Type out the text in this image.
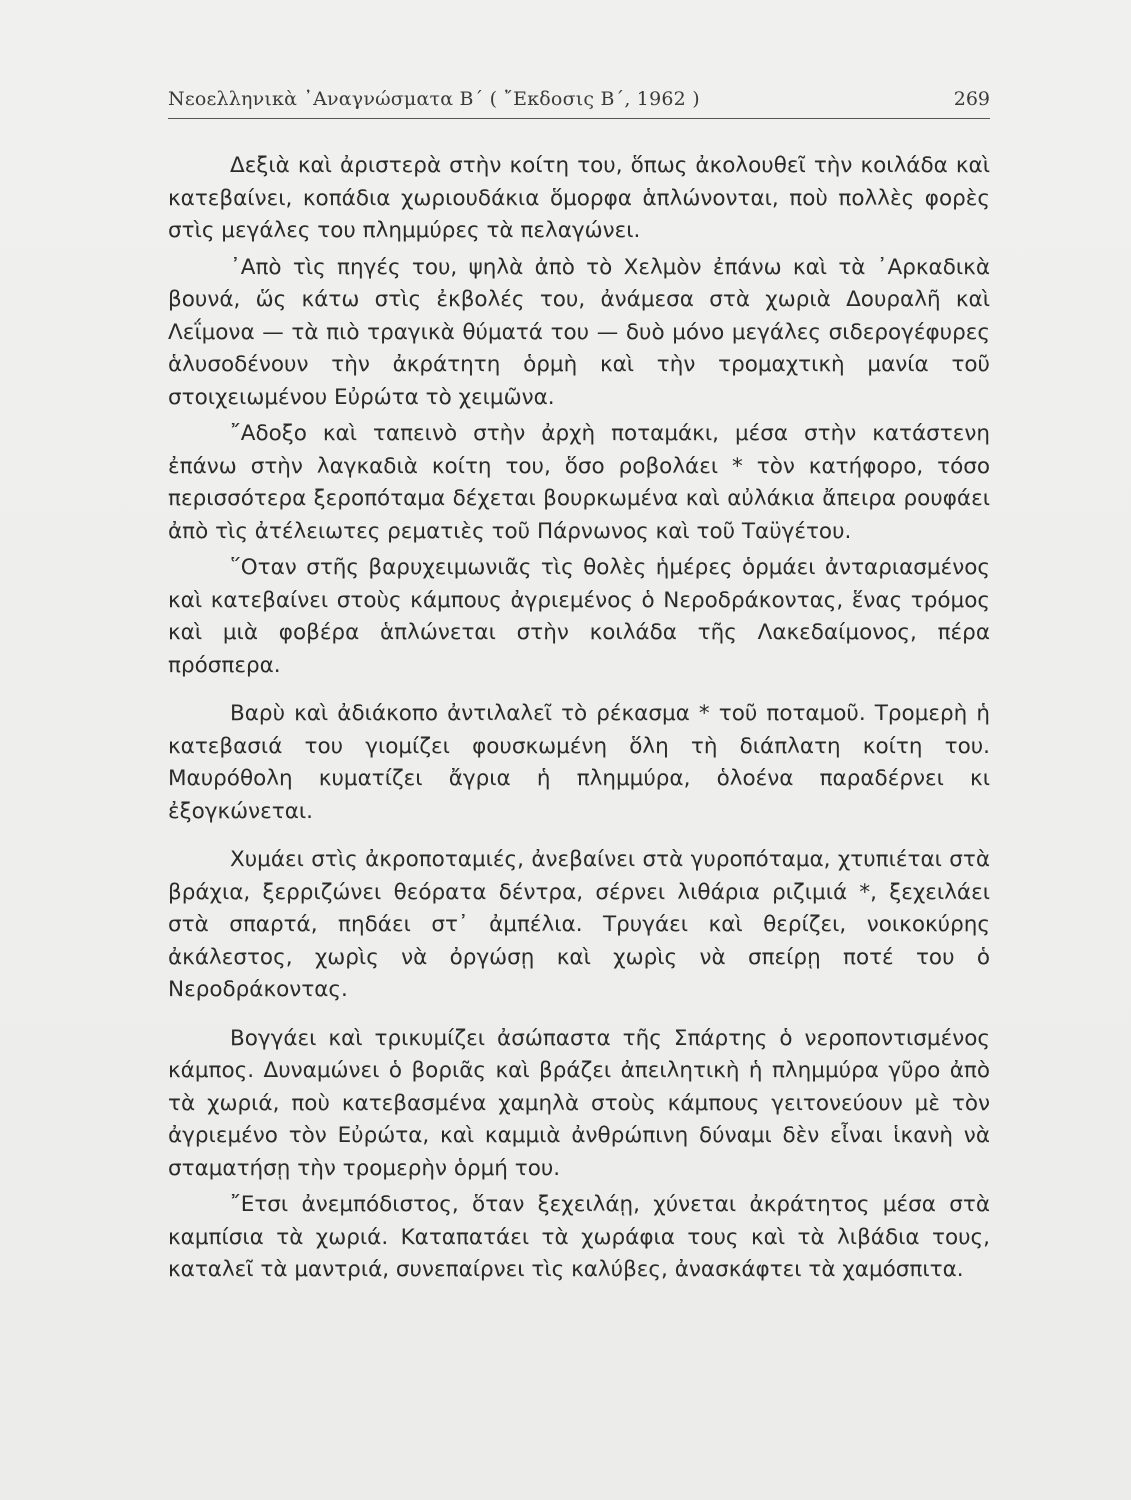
Νεοελληνικὰ ᾿Αναγνώσματα Β΄ ( ῎Εκδοσις Β΄, 1962 )	269

Δεξιὰ καὶ ἀριστερὰ στὴν κοίτη του, ὅπως ἀκολουθεῖ τὴν κοιλάδα καὶ κατεβαίνει, κοπάδια χωριουδάκια ὅμορφα ἁπλώνονται, ποὺ πολλὲς φορὲς στὶς μεγάλες του πλημμύρες τὰ πελαγώνει.

᾿Απὸ τὶς πηγές του, ψηλὰ ἀπὸ τὸ Χελμὸν ἐπάνω καὶ τὰ ᾿Αρκαδικὰ βουνά, ὥς κάτω στὶς ἐκβολές του, ἀνάμεσα στὰ χωριὰ Δουραλῆ καὶ Λεΐμονα — τὰ πιὸ τραγικὰ θύματά του — δυὸ μόνο μεγάλες σιδερογέφυρες ἁλυσοδένουν τὴν ἀκράτητη ὁρμὴ καὶ τὴν τρομαχτικὴ μανία τοῦ στοιχειωμένου Εὐρώτα τὸ χειμῶνα.

῎Αδοξο καὶ ταπεινὸ στὴν ἀρχὴ ποταμάκι, μέσα στὴν κατάστενη ἐπάνω στὴν λαγκαδιὰ κοίτη του, ὅσο ροβολάει * τὸν κατήφορο, τόσο περισσότερα ξεροπόταμα δέχεται βουρκωμένα καὶ αὐλάκια ἄπειρα ρουφάει ἀπὸ τὶς ἀτέλειωτες ρεματιὲς τοῦ Πάρνωνος καὶ τοῦ Ταϋγέτου.

῞Οταν στῆς βαρυχειμωνιᾶς τὶς θολὲς ἡμέρες ὁρμάει ἀνταριασμένος καὶ κατεβαίνει στοὺς κάμπους ἀγριεμένος ὁ Νεροδράκοντας, ἕνας τρόμος καὶ μιὰ φοβέρα ἁπλώνεται στὴν κοιλάδα τῆς Λακεδαίμονος, πέρα πρόσπερα.

Βαρὺ καὶ ἀδιάκοπο ἀντιλαλεῖ τὸ ρέκασμα * τοῦ ποταμοῦ. Τρομερὴ ἡ κατεβασιά του γιομίζει φουσκωμένη ὅλη τὴ διάπλατη κοίτη του. Μαυρόθολη κυματίζει ἄγρια ἡ πλημμύρα, ὁλοένα παραδέρνει κι ἐξογκώνεται.

Χυμάει στὶς ἀκροποταμιές, ἀνεβαίνει στὰ γυροπόταμα, χτυπιέται στὰ βράχια, ξερριζώνει θεόρατα δέντρα, σέρνει λιθάρια ριζιμιά *, ξεχειλάει στὰ σπαρτά, πηδάει στ᾿ ἀμπέλια. Τρυγάει καὶ θερίζει, νοικοκύρης ἀκάλεστος, χωρὶς νὰ ὀργώσῃ καὶ χωρὶς νὰ σπείρῃ ποτέ του ὁ Νεροδράκοντας.

Βογγάει καὶ τρικυμίζει ἀσώπαστα τῆς Σπάρτης ὁ νεροποντισμένος κάμπος. Δυναμώνει ὁ βοριᾶς καὶ βράζει ἀπειλητικὴ ἡ πλημμύρα γῦρο ἀπὸ τὰ χωριά, ποὺ κατεβασμένα χαμηλὰ στοὺς κάμπους γειτονεύουν μὲ τὸν ἀγριεμένο τὸν Εὐρώτα, καὶ καμμιὰ ἀνθρώπινη δύναμι δὲν εἶναι ἱκανὴ νὰ σταματήσῃ τὴν τρομερὴν ὁρμή του.

῎Ετσι ἀνεμπόδιστος, ὅταν ξεχειλάῃ, χύνεται ἀκράτητος μέσα στὰ καμπίσια τὰ χωριά. Καταπατάει τὰ χωράφια τους καὶ τὰ λιβάδια τους, καταλεῖ τὰ μαντριά, συνεπαίρνει τὶς καλύβες, ἀνασκάφτει τὰ χαμόσπιτα.
